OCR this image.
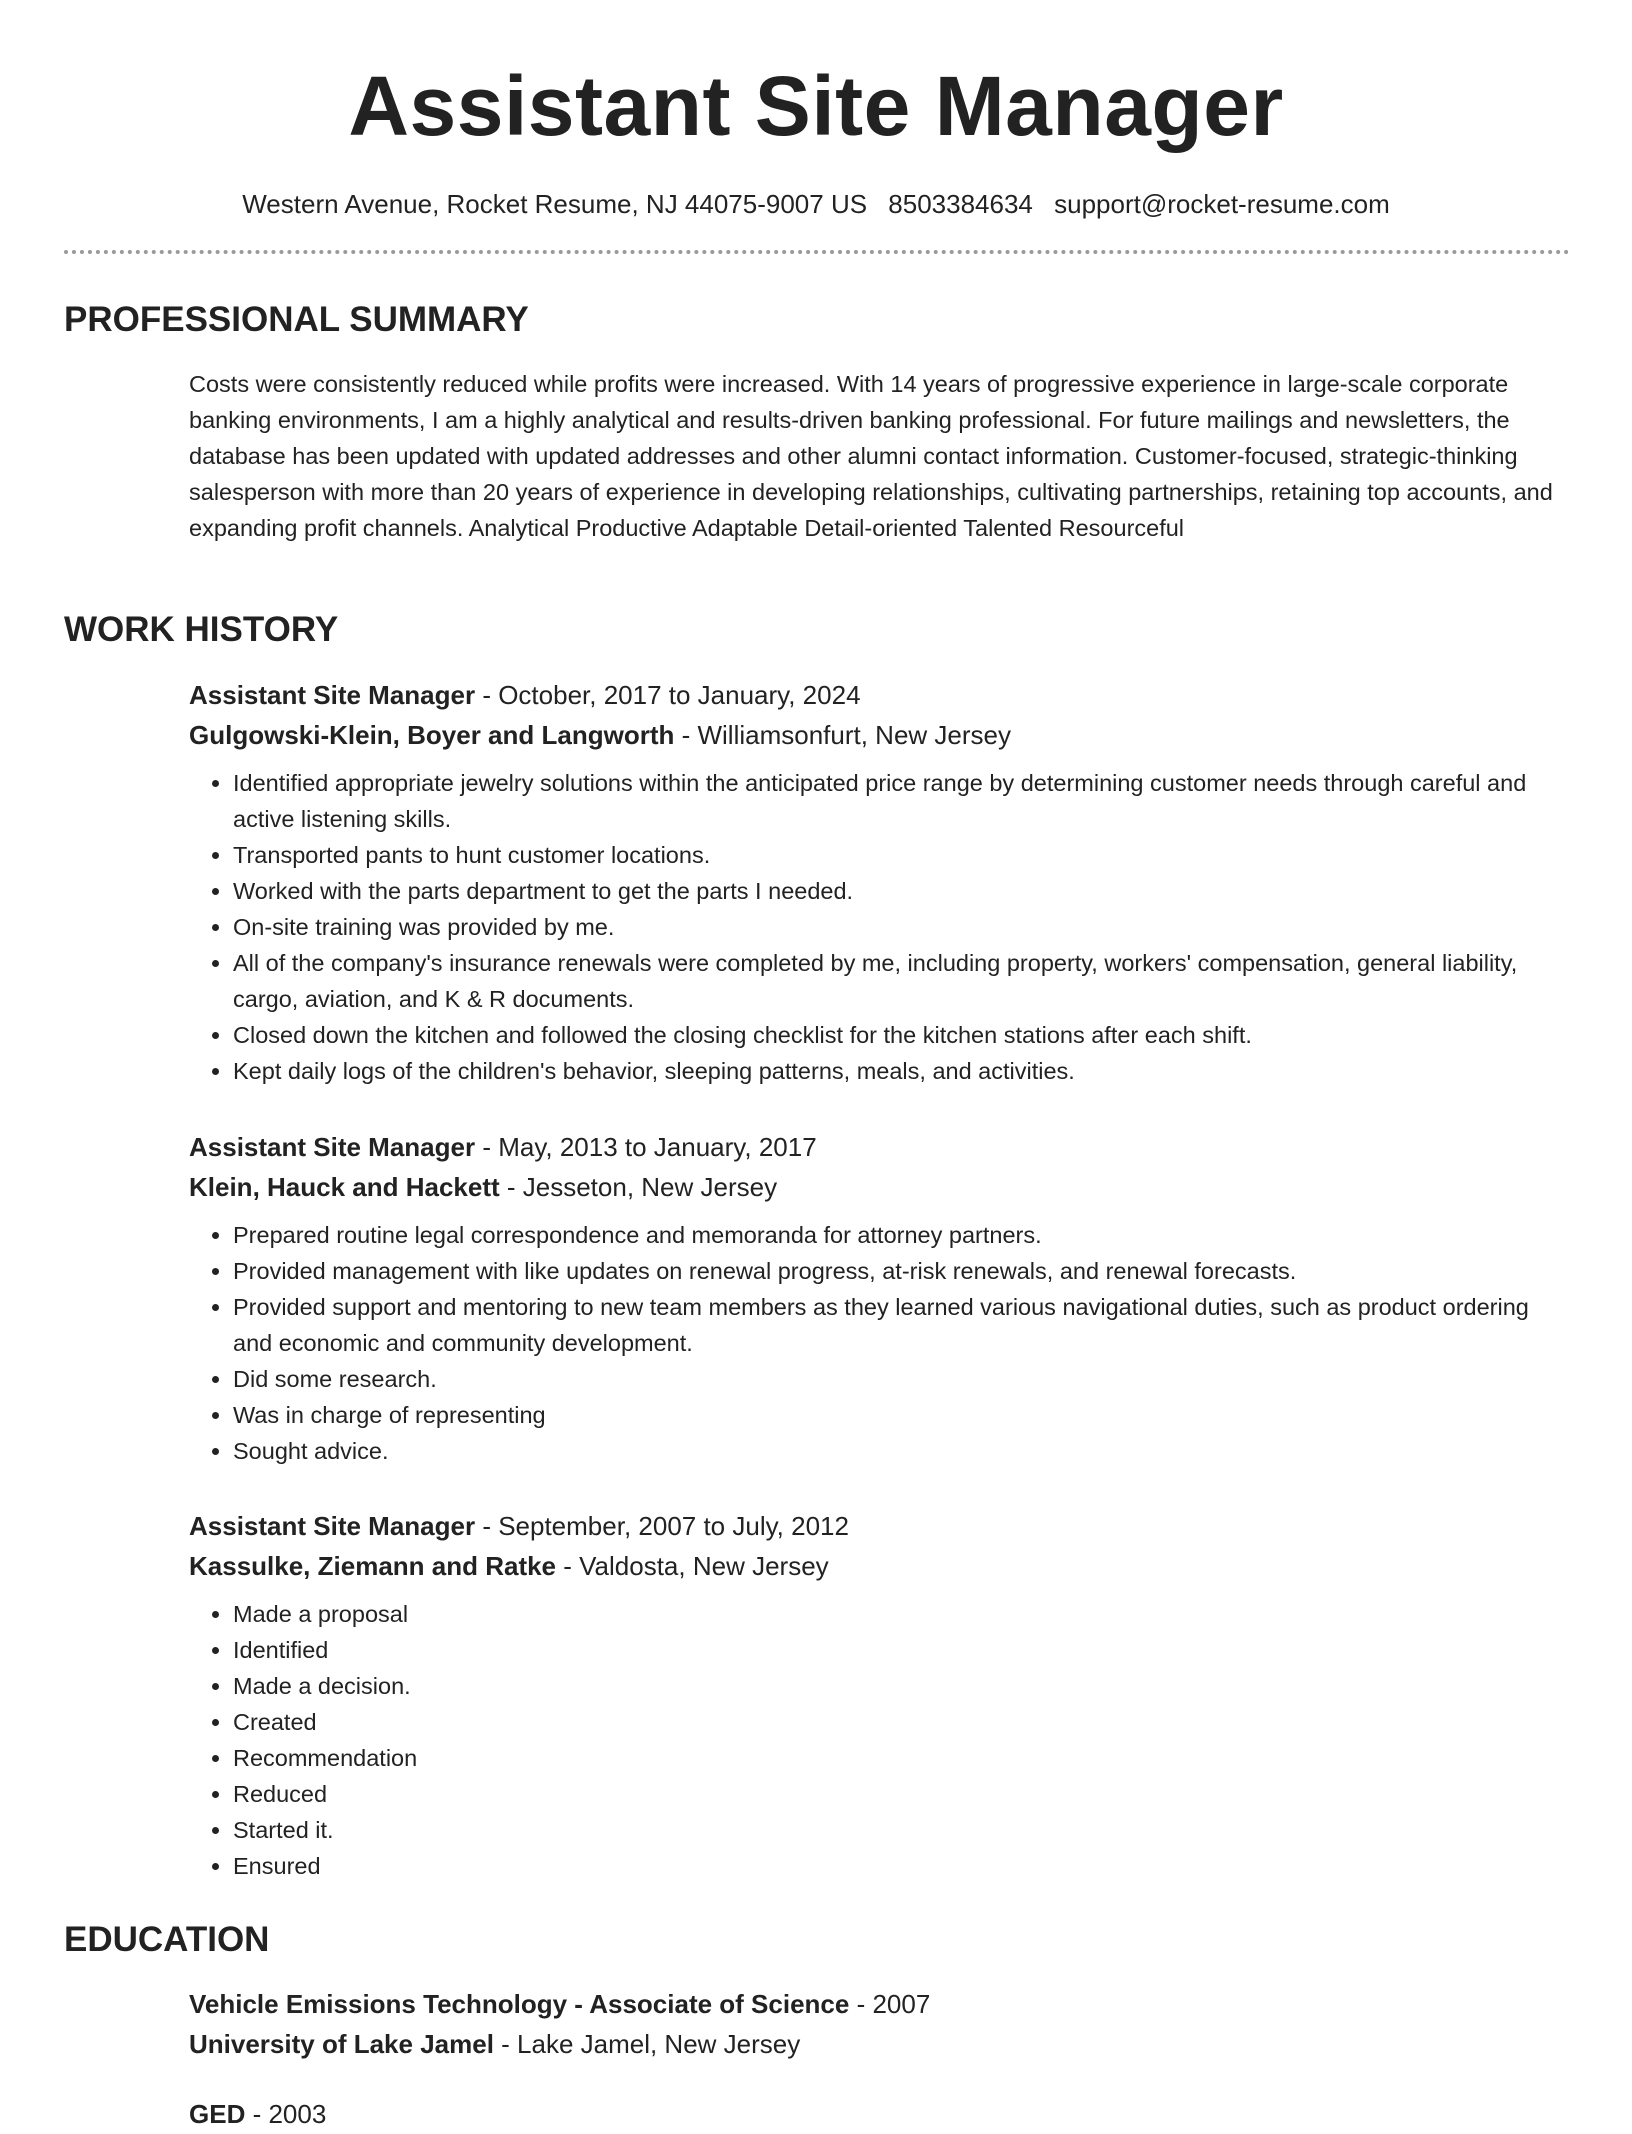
Assistant Site Manager
Western Avenue, Rocket Resume, NJ 44075-9007 US 8503384634 support@rocket-resume.com
PROFESSIONAL SUMMARY

Costs were consistently reduced while profits were increased. With 14 years of progressive experience in large-scale corporate banking environments, I am a highly analytical and results-driven banking professional. For future mailings and newsletters, the database has been updated with updated addresses and other alumni contact information. Customer-focused, strategic-thinking salesperson with more than 20 years of experience in developing relationships, cultivating partnerships, retaining top accounts, and expanding profit channels. Analytical Productive Adaptable Detail-oriented Talented Resourceful

WORK HISTORY
Assistant Site Manager - October, 2017 to January, 2024
Gulgowski-Klein, Boyer and Langworth - Williamsonfurt, New Jersey
• Identified appropriate jewelry solutions within the anticipated price range by determining customer needs through careful and active listening skills.
• Transported pants to hunt customer locations.
• Worked with the parts department to get the parts I needed.
• On-site training was provided by me.
• All of the company's insurance renewals were completed by me, including property, workers' compensation, general liability, cargo, aviation, and K & R documents.
• Closed down the kitchen and followed the closing checklist for the kitchen stations after each shift.
• Kept daily logs of the children's behavior, sleeping patterns, meals, and activities.
Assistant Site Manager - May, 2013 to January, 2017
Klein, Hauck and Hackett - Jesseton, New Jersey
• Prepared routine legal correspondence and memoranda for attorney partners.
• Provided management with like updates on renewal progress, at-risk renewals, and renewal forecasts.
• Provided support and mentoring to new team members as they learned various navigational duties, such as product ordering and economic and community development.
• Did some research.
• Was in charge of representing
• Sought advice.
Assistant Site Manager - September, 2007 to July, 2012
Kassulke, Ziemann and Ratke - Valdosta, New Jersey
• Made a proposal
• Identified
• Made a decision.
• Created
• Recommendation
• Reduced
• Started it.
• Ensured
EDUCATION
Vehicle Emissions Technology - Associate of Science - 2007
University of Lake Jamel - Lake Jamel, New Jersey
GED - 2003
